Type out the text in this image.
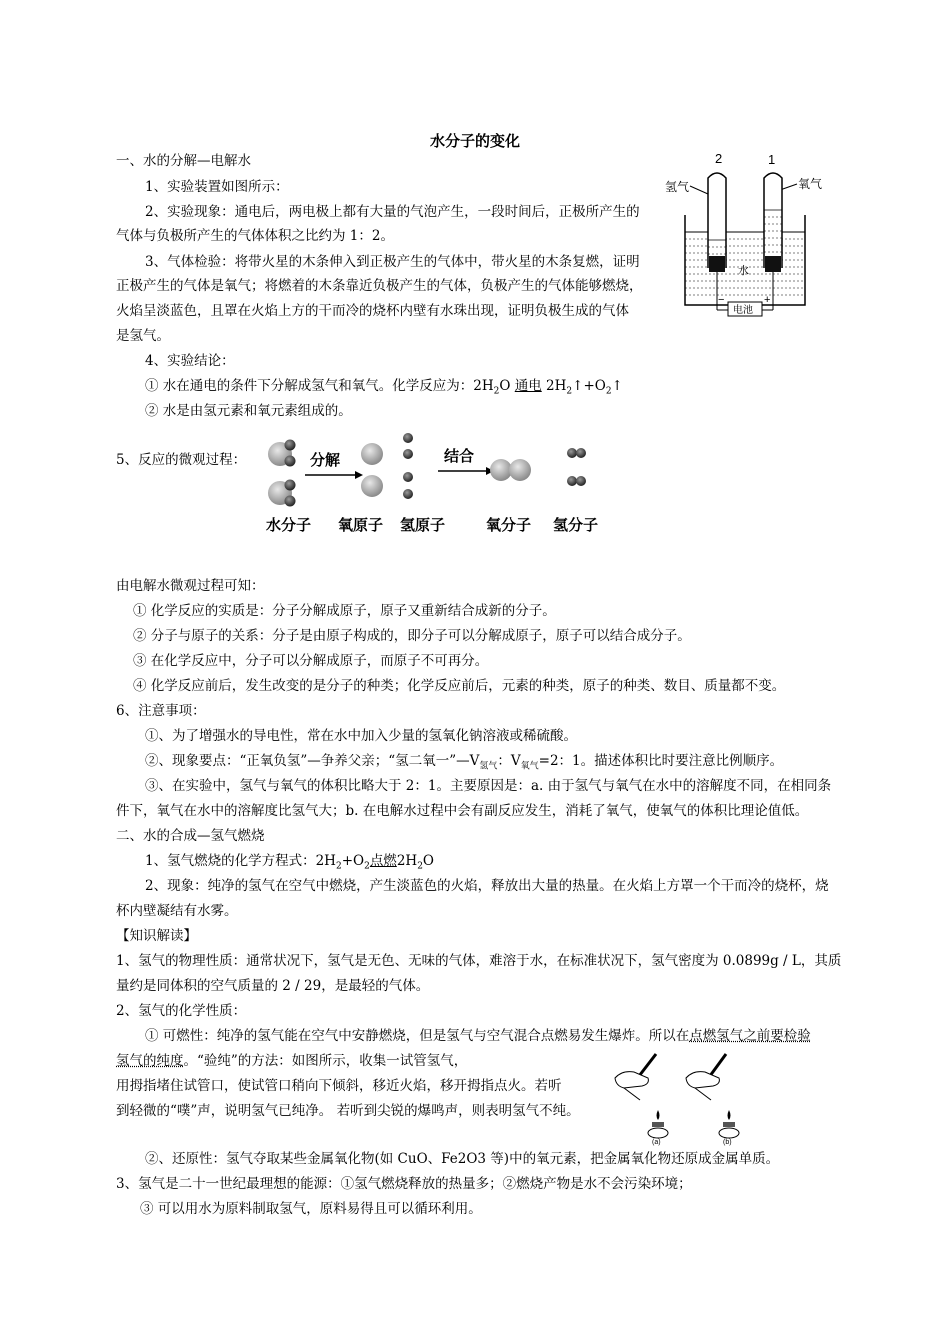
水分子的变化
一、水的分解—电解水
1、实验装置如图所示：
2、实验现象：通电后，两电极上都有大量的气泡产生，一段时间后，正极所产生的
气体与负极所产生的气体体积之比约为 1：2。
3、气体检验：将带火星的木条伸入到正极产生的气体中，带火星的木条复燃，证明
正极产生的气体是氧气；将燃着的木条靠近负极产生的气体，负极产生的气体能够燃烧，
火焰呈淡蓝色，且罩在火焰上方的干而冷的烧杯内壁有水珠出现，证明负极生成的气体
是氢气。
4、实验结论：
① 水在通电的条件下分解成氢气和氧气。化学反应为：$2H_2O$ 通电 $2H_2↑+O_2↑$
② 水是由氢元素和氧元素组成的。
2	1
氢气	氧气
水
电池
−	+
5、反应的微观过程：	分解	结合
水分子 氧原子 氢原子	氧分子 氢分子
由电解水微观过程可知：
① 化学反应的实质是：分子分解成原子，原子又重新结合成新的分子。
② 分子与原子的关系：分子是由原子构成的，即分子可以分解成原子，原子可以结合成分子。
③ 在化学反应中，分子可以分解成原子，而原子不可再分。
④ 化学反应前后，发生改变的是分子的种类；化学反应前后，元素的种类，原子的种类、数目、质量都不变。
6、注意事项：
①、为了增强水的导电性，常在水中加入少量的氢氧化钠溶液或稀硫酸。
②、现象要点：“正氧负氢”—争养父亲；“氢二氧一$”—V_{氢气}$：$V_{氧气}=2$：1。描述体积比时要注意比例顺序。
③、在实验中，氢气与氧气的体积比略大于 2：1。主要原因是：a. 由于氢气与氧气在水中的溶解度不同，在相同条
件下，氧气在水中的溶解度比氢气大；b. 在电解水过程中会有副反应发生，消耗了氧气，使氧气的体积比理论值低。
二、水的合成—氢气燃烧
1、氢气燃烧的化学方程式：$2H_2+O_2$点燃$2H_2O$
2、现象：纯净的氢气在空气中燃烧，产生淡蓝色的火焰，释放出大量的热量。在火焰上方罩一个干而冷的烧杯，烧
杯内壁凝结有水雾。
【知识解读】
1、氢气的物理性质：通常状况下，氢气是无色、无味的气体，难溶于水，在标准状况下，氢气密度为 0.0899g / L，其质
量约是同体积的空气质量的 2 / 29，是最轻的气体。
2、氢气的化学性质：
① 可燃性：纯净的氢气能在空气中安静燃烧，但是氢气与空气混合点燃易发生爆炸。所以在点燃氢气之前要检验
氢气的纯度。“验纯”的方法：如图所示，收集一试管氢气，
用拇指堵住试管口，使试管口稍向下倾斜，移近火焰，移开拇指点火。若听
到轻微的“噗”声，说明氢气已纯净。 若听到尖锐的爆鸣声，则表明氢气不纯。
(a)	(b)
②、还原性：氢气夺取某些金属氧化物(如 CuO、Fe2O3 等)中的氧元素，把金属氧化物还原成金属单质。
3、氢气是二十一世纪最理想的能源：①氢气燃烧释放的热量多；②燃烧产物是水不会污染环境；
③ 可以用水为原料制取氢气，原料易得且可以循环利用。
